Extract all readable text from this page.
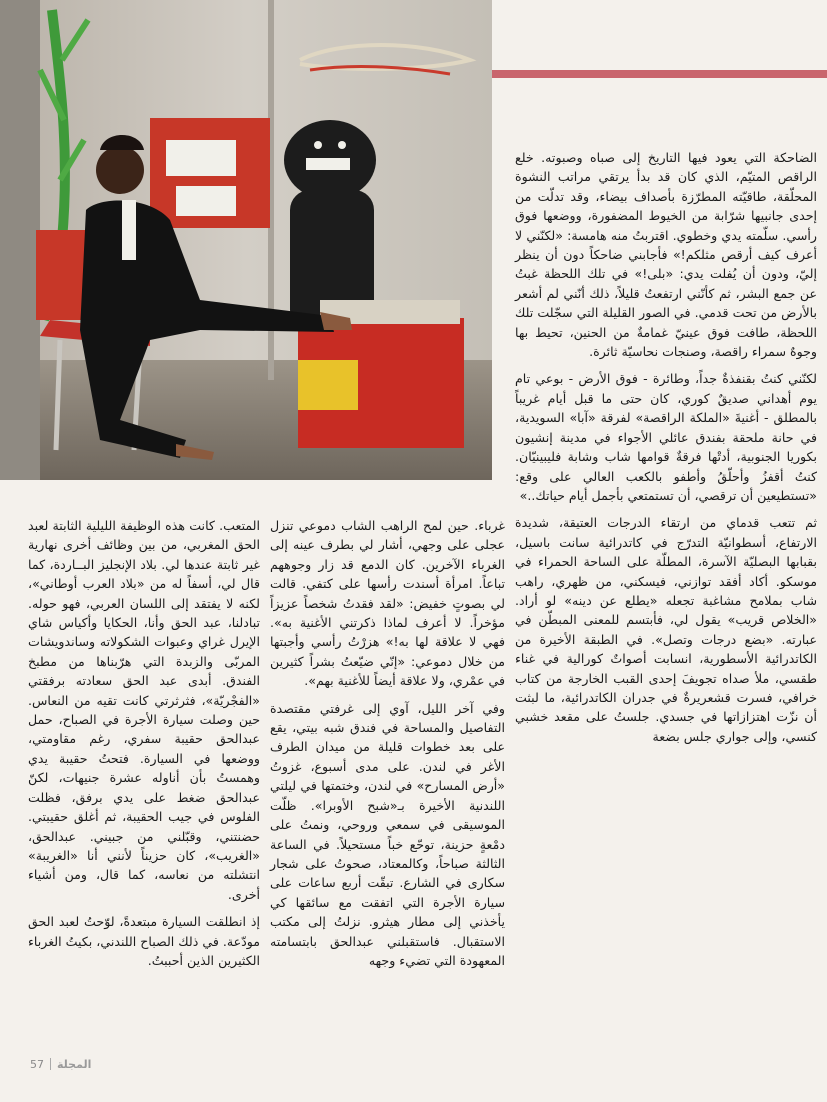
الضاحكة التي يعود فيها التاريخ إلى صباه وصبوته. خلع الراقص المتيّم، الذي كان قد بدأ يرتقي مراتب النشوة المحلّقة، طاقيّته المطرّزة بأصداف بيضاء، وقد تدلّت من إحدى جانبيها شرّابة من الخيوط المضفورة، ووضعها فوق رأسي. سلّمته يدي وخطوي. اقتربتُ منه هامسة: «لكنّني لا أعرف كيف أرقص مثلكم!» فأجابني ضاحكاً دون أن ينظر إليّ، ودون أن يُفلت يدي: «بلى!» في تلك اللحظة غبتُ عن جمع البشر، ثم كأنّني ارتفعتُ قليلاً، ذلك أنّني لم أشعر بالأرض من تحت قدمي. في الصور القليلة التي سجّلت تلك اللحظة، طافت فوق عينيّ غمامةٌ من الحنين، تحيط بها وجوهٌ سمراء راقصة، وصنجات نحاسيّة ثائرة.

لكنّني كنتُ بقنفذةٌ جداً، وطائرة - فوق الأرض - بوعي تام يوم أهداني صديقٌ كوري، كان حتى ما قبل أيام غريباً بالمطلق - أغنيةَ «الملكة الراقصة» لفرقة «آبا» السويدية، في حانة ملحقة بفندق عائلي الأجواء في مدينة إنشيون بكوريا الجنوبية، أدتْها فرقةٌ قوامها شاب وشابة فليبينيّان. كنتُ أقفزُ وأحلّقُ وأطفو بالكعب العالي على وقع: «تستطيعين أن ترقصي، أن تستمتعي بأجمل أيام حياتك..»

ثم تتعب قدماي من ارتقاء الدرجات العتيقة، شديدة الارتفاع، أسطوانيّة التدرّج في كاتدرائية سانت باسيل، بقبابها البصليّة الآسرة، المطلّة على الساحة الحمراء في موسكو. أكاد أفقد توازني، فيسكني، من ظهري، راهب شاب بملامح مشاغبة تجعله «يطلع عن دينه» لو أراد. «الخلاص قريب» يقول لي، فأبتسم للمعنى المبطّن في عبارته. «بضع درجات وتصل». في الطبقة الأخيرة من الكاتدرائية الأسطورية، انسابت أصواتٌ كورالية في غناء طقسي، ملأ صداه تجويفَ إحدى القبب الخارجة من كتاب خرافي، فسرت قشعريرةٌ في جدران الكاتدرائية، ما لبثت أن نزّت اهتزازاتها في جسدي. جلستُ على مقعد خشبي كنسي، وإلى جواري جلس بضعة

غرباء. حين لمح الراهب الشاب دموعي تنزل عجلى على وجهي، أشار لي بطرف عينه إلى الغرباء الآخرين. كان الدمع قد زار وجوههم تباعاً. امرأة أسندت رأسها على كتفي. قالت لي بصوتٍ خفيض: «لقد فقدتُ شخصاً عزيزاً مؤخراً. لا أعرف لماذا ذكرتني الأغنية به». فهي لا علاقة لها به!» هزرْتُ رأسي وأجبتها من خلال دموعي: «إنّي ضيّعتُ بشراً كثيرين في عمْري، ولا علاقة أيضاً للأغنية بهم».

وفي آخر الليل، آوي إلى غرفتي مقتصدة التفاصيل والمساحة في فندق شبه بيتي، يقع على بعد خطوات قليلة من ميدان الطرف الأغر في لندن. على مدى أسبوع، غزوتُ «أرض المسارح» في لندن، وختمتها في ليلتي اللندنية الأخيرة بـ«شبح الأوبرا». ظلّت الموسيقى في سمعي وروحي، ونمتُ على دمْعةٍ حزينة، توحّع خباً مستحيلاً. في الساعة الثالثة صباحاً، وكالمعتاد، صحوتُ على شجار سكارى في الشارع. تبقّت أربع ساعات على سيارة الأجرة التي اتفقت مع سائقها كي يأخذني إلى مطار هيثرو. نزلتُ إلى مكتب الاستقبال. فاستقبلني عبدالحق بابتسامته المعهودة التي تضيء وجهه

المتعب. كانت هذه الوظيفة الليلية الثابتة لعبد الحق المغربي، من بين وظائف أخرى نهارية غير ثابتة عندها لي. بلاد الإنجليز البــاردة، كما قال لي، أسفاً له من «بلاد العرب أوطاني»، لكنه لا يفتقد إلى اللسان العربي، فهو حوله. تبادلنا، عبد الحق وأنا، الحكايا وأكياس شاي الإيرل غراي وعبوات الشكولاته وساندويشات المربّى والزبدة التي هرّبناها من مطبخ الفندق. أبدى عبد الحق سعادته برفقتي «الفجْريّة»، فثرثرتي كانت تقيه من النعاس. حين وصلت سيارة الأجرة في الصباح، حمل عبدالحق حقيبة سفري، رغم مقاومتي، ووضعها في السيارة. فتحتُ حقيبة يدي وهمستُ بأن أناوله عشرة جنيهات، لكنّ عبدالحق ضغط على يدي برفق، فظلت الفلوس في جيب الحقيبة، ثم أغلق حقيبتي. حضنتني، وقبّلني من جبيني. عبدالحق، «الغريب»، كان حزيناً لأنني أنا «الغريبة» انتشلته من نعاسه، كما قال، ومن أشياء أخرى.

إذ انطلقت السيارة مبتعدةً، لوّحتُ لعبد الحق مودّعة. في ذلك الصباح اللندني، بكيتُ الغرباء الكثيرين الذين أحببتُ.

57 المجلة
